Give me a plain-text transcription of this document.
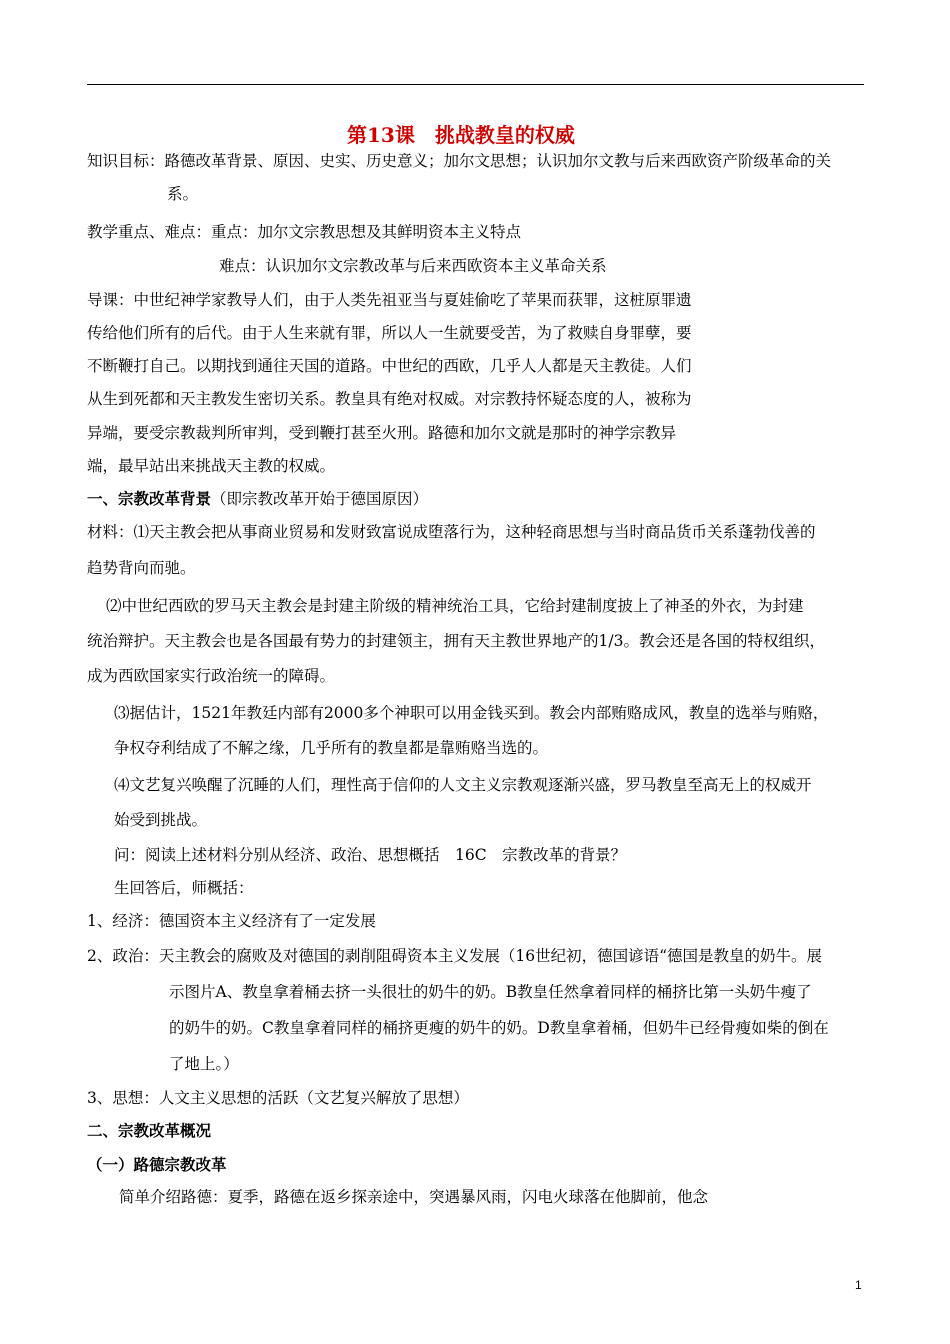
第13课　挑战教皇的权威
知识目标：路德改革背景、原因、史实、历史意义；加尔文思想；认识加尔文教与后来西欧资产阶级革命的关
系。
教学重点、难点：重点：加尔文宗教思想及其鲜明资本主义特点
难点：认识加尔文宗教改革与后来西欧资本主义革命关系
导课：中世纪神学家教导人们，由于人类先祖亚当与夏娃偷吃了苹果而获罪，这桩原罪遗
传给他们所有的后代。由于人生来就有罪，所以人一生就要受苦，为了救赎自身罪孽，要
不断鞭打自己。以期找到通往天国的道路。中世纪的西欧，几乎人人都是天主教徒。人们
从生到死都和天主教发生密切关系。教皇具有绝对权威。对宗教持怀疑态度的人，被称为
异端，要受宗教裁判所审判，受到鞭打甚至火刑。路德和加尔文就是那时的神学宗教异
端，最早站出来挑战天主教的权威。
一、宗教改革背景（即宗教改革开始于德国原因）
材料：⑴天主教会把从事商业贸易和发财致富说成堕落行为，这种轻商思想与当时商品货币关系蓬勃伐善的
趋势背向而驰。
⑵中世纪西欧的罗马天主教会是封建主阶级的精神统治工具，它给封建制度披上了神圣的外衣，为封建
统治辩护。天主教会也是各国最有势力的封建领主，拥有天主教世界地产的1/3。教会还是各国的特权组织，
成为西欧国家实行政治统一的障碍。
⑶据估计，1521年教廷内部有2000多个神职可以用金钱买到。教会内部贿赂成风，教皇的选举与贿赂，
争权夺利结成了不解之缘，几乎所有的教皇都是靠贿赂当选的。
⑷文艺复兴唤醒了沉睡的人们，理性高于信仰的人文主义宗教观逐渐兴盛，罗马教皇至高无上的权威开
始受到挑战。
问：阅读上述材料分别从经济、政治、思想概括　16C　宗教改革的背景？
生回答后，师概括：
1、经济：德国资本主义经济有了一定发展
2、政治：天主教会的腐败及对德国的剥削阻碍资本主义发展（16世纪初，德国谚语“德国是教皇的奶牛。展
示图片A、教皇拿着桶去挤一头很壮的奶牛的奶。B教皇任然拿着同样的桶挤比第一头奶牛瘦了
的奶牛的奶。C教皇拿着同样的桶挤更瘦的奶牛的奶。D教皇拿着桶，但奶牛已经骨瘦如柴的倒在
了地上。）
3、思想：人文主义思想的活跃（文艺复兴解放了思想）
二、宗教改革概况
（一）路德宗教改革
简单介绍路德：夏季，路德在返乡探亲途中，突遇暴风雨，闪电火球落在他脚前，他念
1
